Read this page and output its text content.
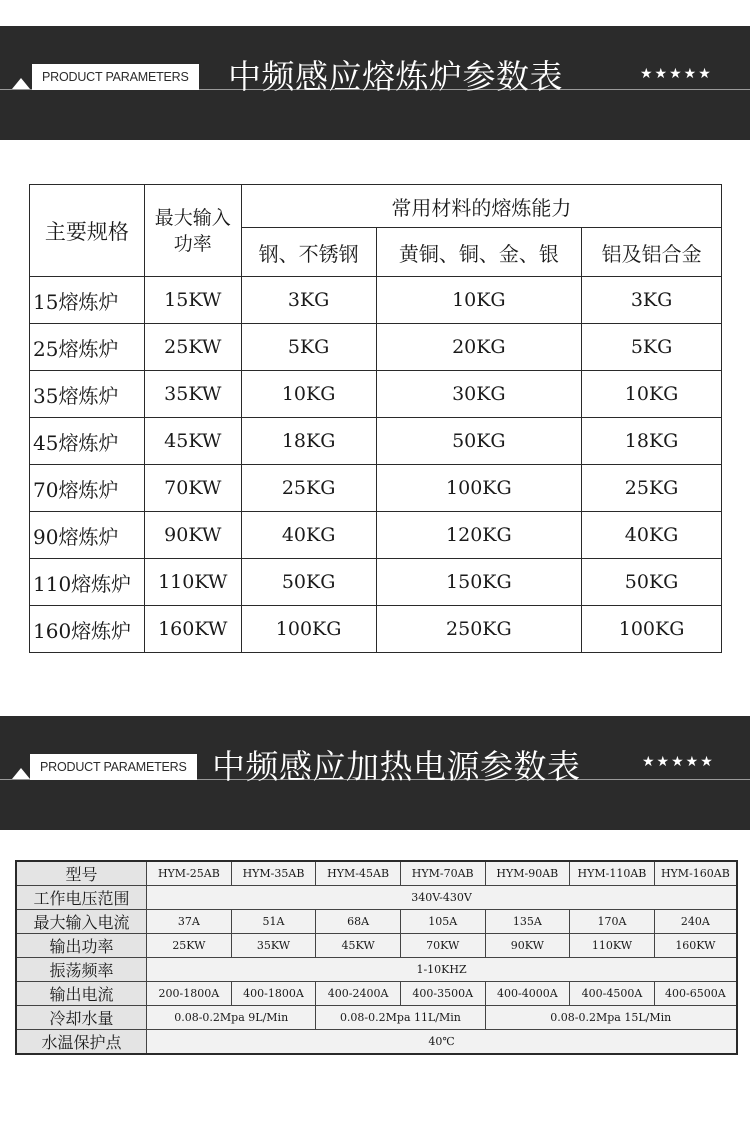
PRODUCT PARAMETERS	中频感应熔炼炉参数表	★★★★★
主要规格	最大输入功率	常用材料的熔炼能力		
		钢、不锈钢	黄铜、铜、金、银	铝及铝合金
15熔炼炉	15KW	3KG	10KG	3KG
25熔炼炉	25KW	5KG	20KG	5KG
35熔炼炉	35KW	10KG	30KG	10KG
45熔炼炉	45KW	18KG	50KG	18KG
70熔炼炉	70KW	25KG	100KG	25KG
90熔炼炉	90KW	40KG	120KG	40KG
110熔炼炉	110KW	50KG	150KG	50KG
160熔炼炉	160KW	100KG	250KG	100KG
PRODUCT PARAMETERS 中频感应加热电源参数表	★★★★★
型号	HYM-25AB	HYM-35AB	HYM-45AB	HYM-70AB	HYM-90AB	HYM-110AB	HYM-160AB
工作电压范围	340V-430V						
最大输入电流	37A	51A	68A	105A	135A	170A	240A
输出功率	25KW	35KW	45KW	70KW	90KW	110KW	160KW
振荡频率	1-10KHZ						
输出电流	200-1800A	400-1800A	400-2400A	400-3500A	400-4000A	400-4500A	400-6500A
冷却水量	0.08-0.2Mpa 9L/Min		0.08-0.2Mpa 11L/Min		0.08-0.2Mpa 15L/Min		
水温保护点	40℃						
